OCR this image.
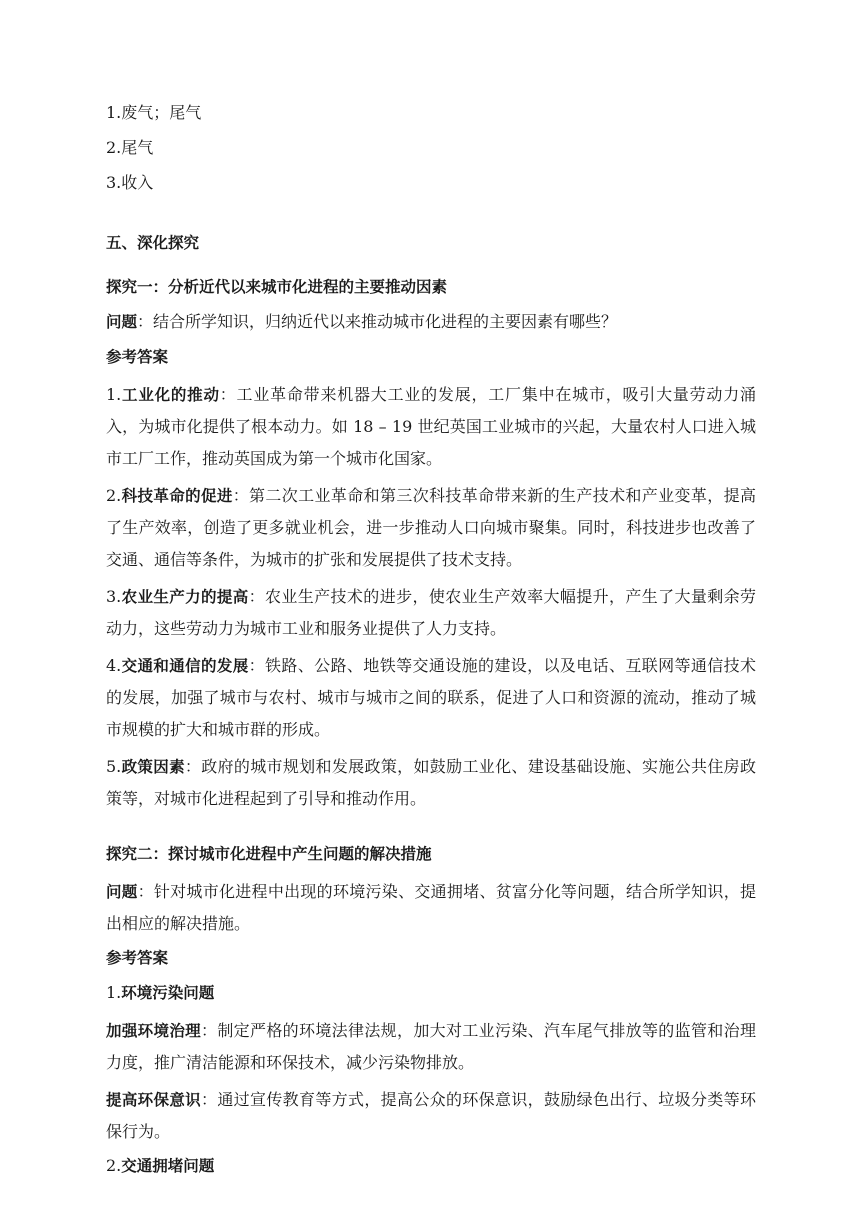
1.废气；尾气
2.尾气
3.收入
五、深化探究
探究一：分析近代以来城市化进程的主要推动因素
问题：结合所学知识，归纳近代以来推动城市化进程的主要因素有哪些？
参考答案
1.工业化的推动：工业革命带来机器大工业的发展，工厂集中在城市，吸引大量劳动力涌入，为城市化提供了根本动力。如 18 – 19 世纪英国工业城市的兴起，大量农村人口进入城市工厂工作，推动英国成为第一个城市化国家。
2.科技革命的促进：第二次工业革命和第三次科技革命带来新的生产技术和产业变革，提高了生产效率，创造了更多就业机会，进一步推动人口向城市聚集。同时，科技进步也改善了交通、通信等条件，为城市的扩张和发展提供了技术支持。
3.农业生产力的提高：农业生产技术的进步，使农业生产效率大幅提升，产生了大量剩余劳动力，这些劳动力为城市工业和服务业提供了人力支持。
4.交通和通信的发展：铁路、公路、地铁等交通设施的建设，以及电话、互联网等通信技术的发展，加强了城市与农村、城市与城市之间的联系，促进了人口和资源的流动，推动了城市规模的扩大和城市群的形成。
5.政策因素：政府的城市规划和发展政策，如鼓励工业化、建设基础设施、实施公共住房政策等，对城市化进程起到了引导和推动作用。
探究二：探讨城市化进程中产生问题的解决措施
问题：针对城市化进程中出现的环境污染、交通拥堵、贫富分化等问题，结合所学知识，提出相应的解决措施。
参考答案
1.环境污染问题
加强环境治理：制定严格的环境法律法规，加大对工业污染、汽车尾气排放等的监管和治理力度，推广清洁能源和环保技术，减少污染物排放。
提高环保意识：通过宣传教育等方式，提高公众的环保意识，鼓励绿色出行、垃圾分类等环保行为。
2.交通拥堵问题
